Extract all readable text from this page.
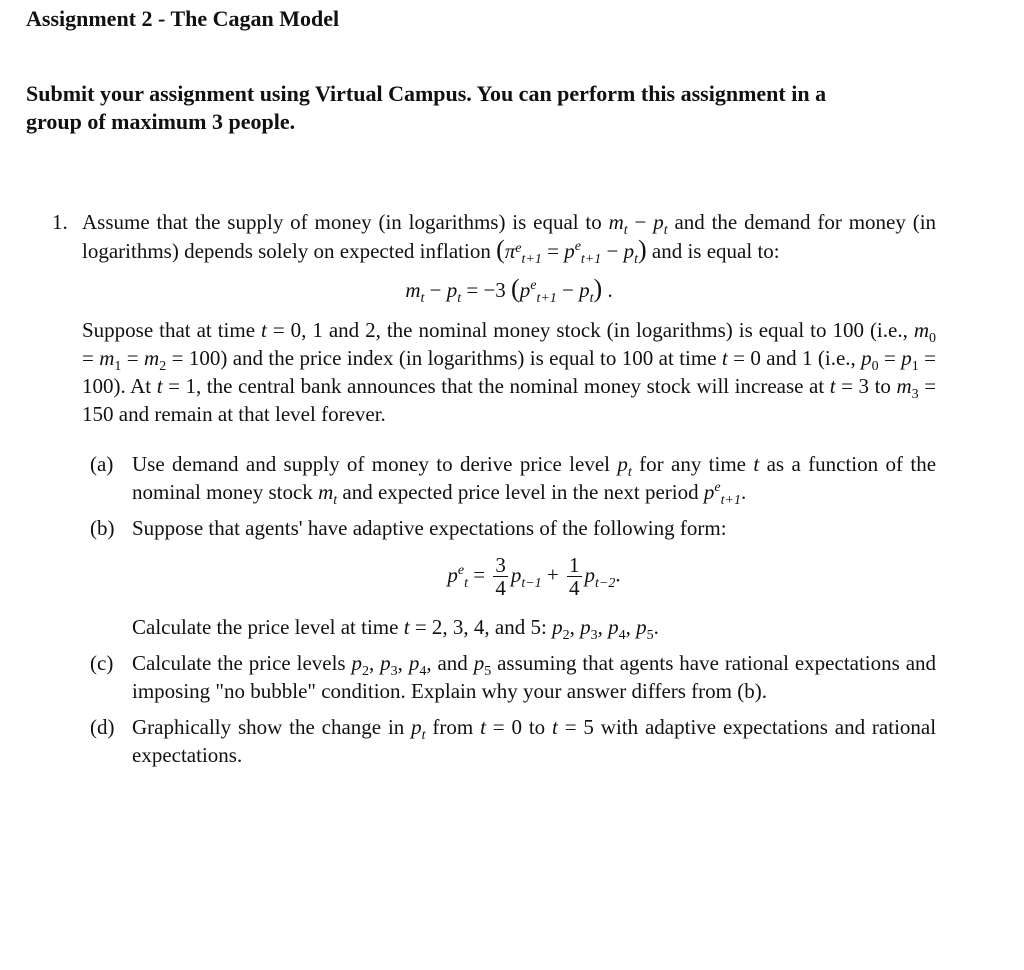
Assignment 2 - The Cagan Model

Submit your assignment using Virtual Campus. You can perform this assignment in a group of maximum 3 people.

1. Assume that the supply of money (in logarithms) is equal to $m_t - p_t$ and the demand for money (in logarithms) depends solely on expected inflation $(\pi^e_{t+1} = p^e_{t+1} - p_t)$ and is equal to:
$m_t - p_t = -3$ $(p^e_{t+1} - p_t)$ .
Suppose that at time t = 0, 1 and 2, the nominal money stock (in logarithms) is equal to 100 (i.e., $m_0 = m_1 = m_2 = 100$) and the price index (in logarithms) is equal to 100 at time t = 0 and 1 (i.e., $p_0 = p_1 = 100$). At t = 1, the central bank announces that the nominal money stock will increase at t = 3 to $m_3 = 150$ and remain at that level forever.
(a) Use demand and supply of money to derive price level $p_t$ for any time t as a function of the nominal money stock $m_t$ and expected price level in the next period $p^e_{t+1}$.
(b) Suppose that agents' have adaptive expectations of the following form:
$p^e_t = \frac{3}{4} p_{t-1} + \frac{1}{4} p_{t-2}$.
Calculate the price level at time t = 2, 3, 4, and 5: $p_2$, $p_3$, $p_4$, $p_5$.
(c) Calculate the price levels $p_2$, $p_3$, $p_4$, and $p_5$ assuming that agents have rational expectations and imposing "no bubble" condition. Explain why your answer differs from (b).
(d) Graphically show the change in $p_t$ from t = 0 to t = 5 with adaptive expectations and rational expectations.
